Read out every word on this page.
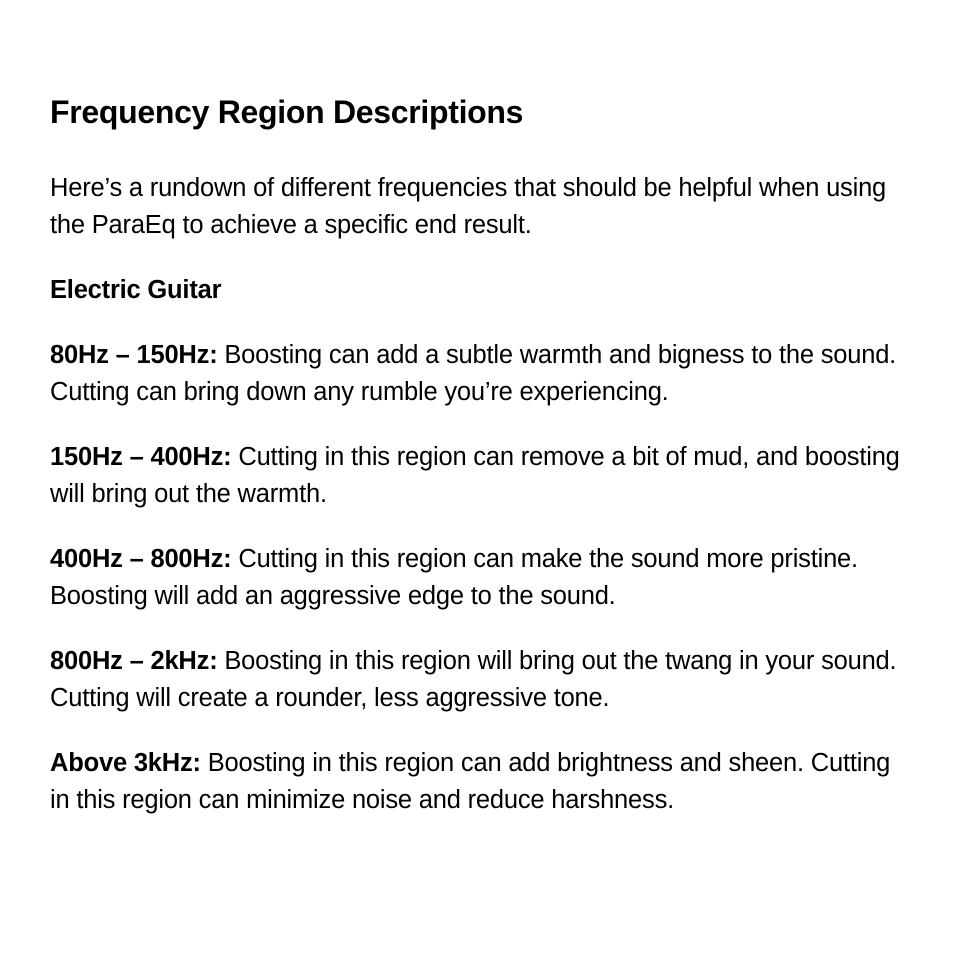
Frequency Region Descriptions

Here’s a rundown of different frequencies that should be helpful when using the ParaEq to achieve a specific end result.

Electric Guitar

80Hz – 150Hz: Boosting can add a subtle warmth and bigness to the sound. Cutting can bring down any rumble you’re experiencing.

150Hz – 400Hz: Cutting in this region can remove a bit of mud, and boosting will bring out the warmth.

400Hz – 800Hz: Cutting in this region can make the sound more pristine. Boosting will add an aggressive edge to the sound.

800Hz – 2kHz: Boosting in this region will bring out the twang in your sound. Cutting will create a rounder, less aggressive tone.

Above 3kHz: Boosting in this region can add brightness and sheen. Cutting in this region can minimize noise and reduce harshness.
